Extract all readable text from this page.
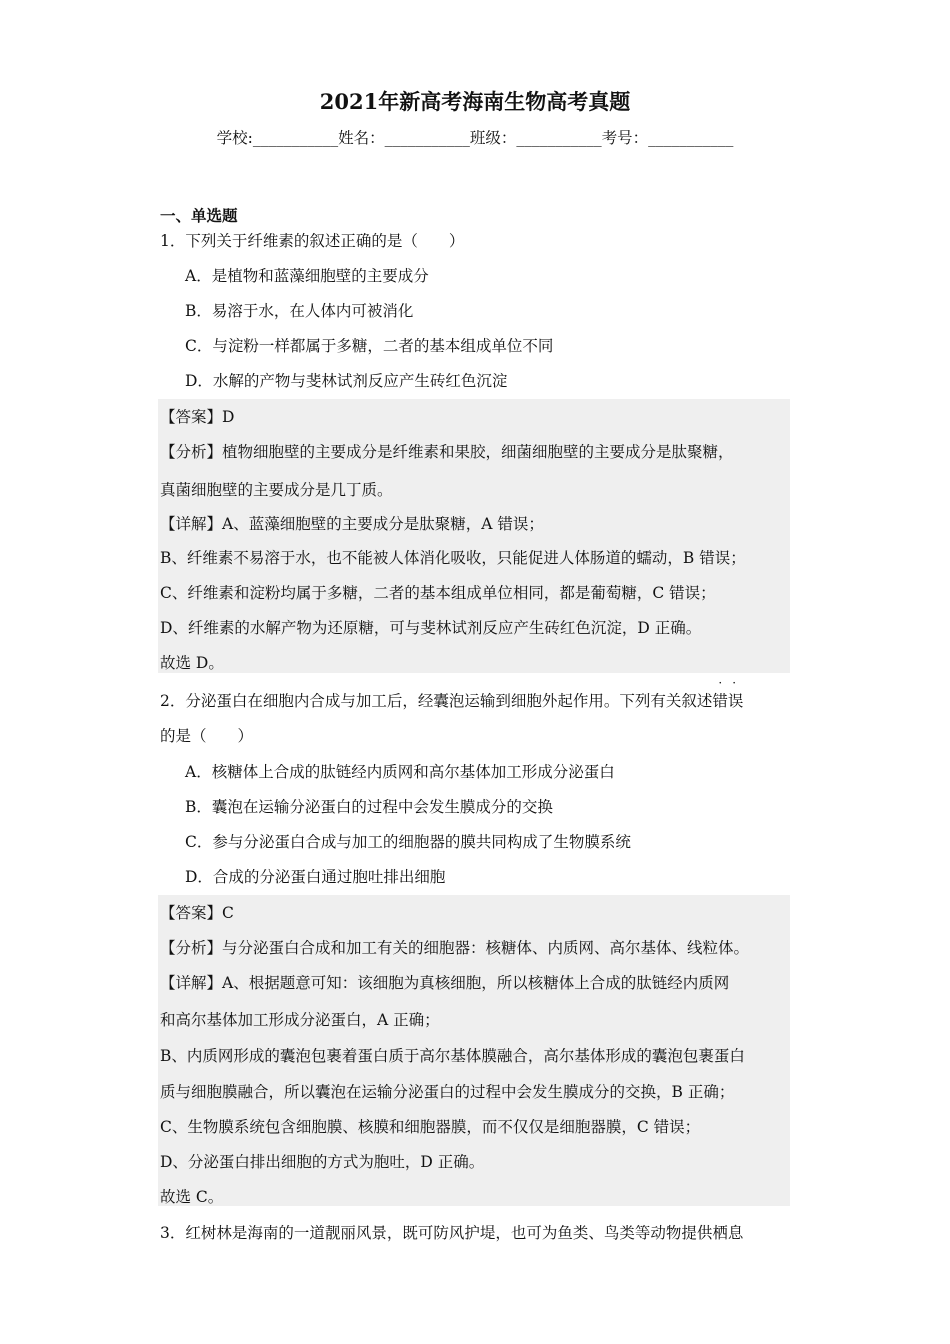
2021年新高考海南生物高考真题
学校:___________姓名：___________班级：___________考号：___________
一、单选题
1．下列关于纤维素的叙述正确的是（　　）
A．是植物和蓝藻细胞壁的主要成分
B．易溶于水，在人体内可被消化
C．与淀粉一样都属于多糖，二者的基本组成单位不同
D．水解的产物与斐林试剂反应产生砖红色沉淀
【答案】D
【分析】植物细胞壁的主要成分是纤维素和果胶，细菌细胞壁的主要成分是肽聚糖，
真菌细胞壁的主要成分是几丁质。
【详解】A、蓝藻细胞壁的主要成分是肽聚糖，A 错误；
B、纤维素不易溶于水，也不能被人体消化吸收，只能促进人体肠道的蠕动，B 错误；
C、纤维素和淀粉均属于多糖，二者的基本组成单位相同，都是葡萄糖，C 错误；
D、纤维素的水解产物为还原糖，可与斐林试剂反应产生砖红色沉淀，D 正确。
故选 D。
2．分泌蛋白在细胞内合成与加工后，经囊泡运输到细胞外起作用。下列有关叙述
··
错误
的是（　　）
A．核糖体上合成的肽链经内质网和高尔基体加工形成分泌蛋白
B．囊泡在运输分泌蛋白的过程中会发生膜成分的交换
C．参与分泌蛋白合成与加工的细胞器的膜共同构成了生物膜系统
D．合成的分泌蛋白通过胞吐排出细胞
【答案】C
【分析】与分泌蛋白合成和加工有关的细胞器：核糖体、内质网、高尔基体、线粒体。
【详解】A、根据题意可知：该细胞为真核细胞，所以核糖体上合成的肽链经内质网
和高尔基体加工形成分泌蛋白，A 正确；
B、内质网形成的囊泡包裹着蛋白质于高尔基体膜融合，高尔基体形成的囊泡包裹蛋白
质与细胞膜融合，所以囊泡在运输分泌蛋白的过程中会发生膜成分的交换，B 正确；
C、生物膜系统包含细胞膜、核膜和细胞器膜，而不仅仅是细胞器膜，C 错误；
D、分泌蛋白排出细胞的方式为胞吐，D 正确。
故选 C。
3．红树林是海南的一道靓丽风景，既可防风护堤，也可为鱼类、鸟类等动物提供栖息
